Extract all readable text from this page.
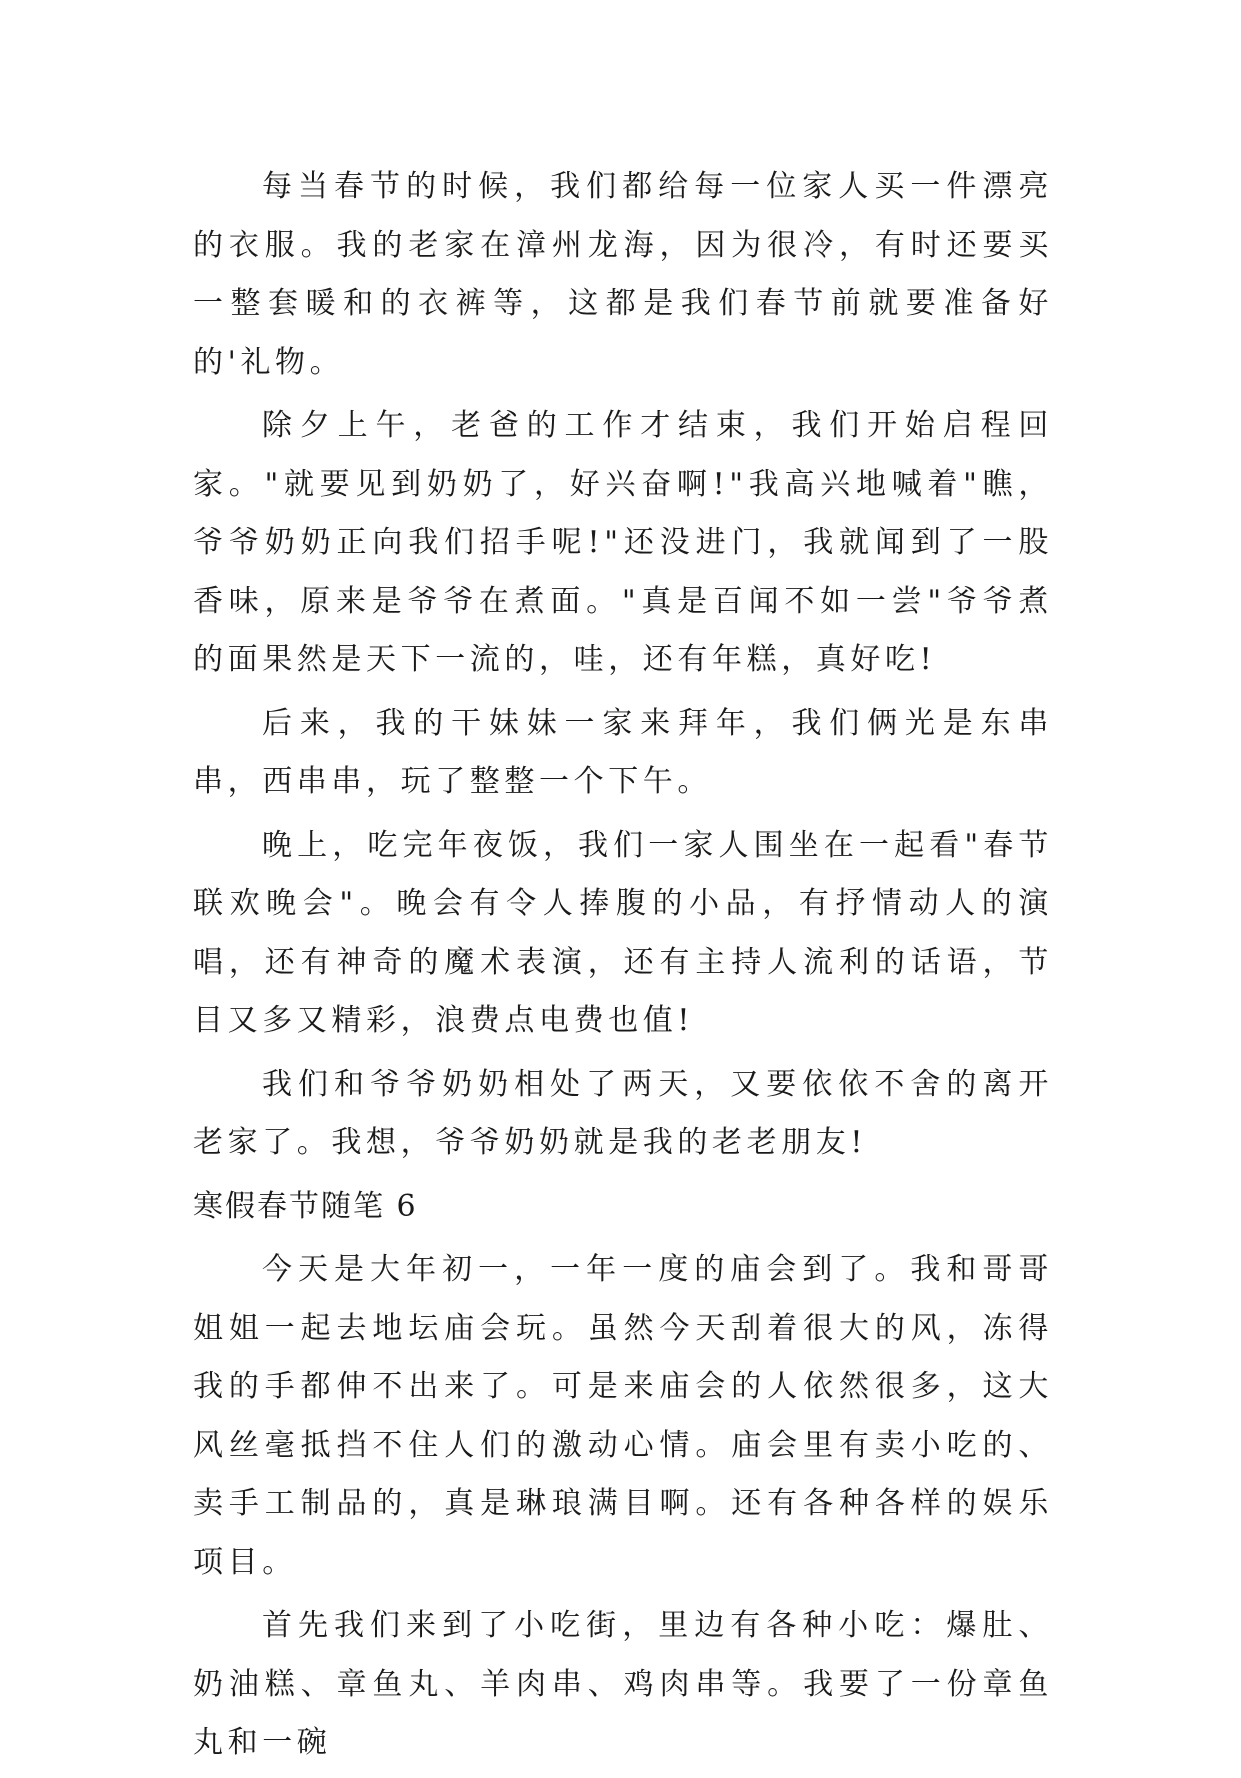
每当春节的时候，我们都给每一位家人买一件漂亮的衣服。我的老家在漳州龙海，因为很冷，有时还要买一整套暖和的衣裤等，这都是我们春节前就要准备好的'礼物。

除夕上午，老爸的工作才结束，我们开始启程回家。"就要见到奶奶了，好兴奋啊!"我高兴地喊着"瞧，爷爷奶奶正向我们招手呢!"还没进门，我就闻到了一股香味，原来是爷爷在煮面。"真是百闻不如一尝"爷爷煮的面果然是天下一流的，哇，还有年糕，真好吃!

后来，我的干妹妹一家来拜年，我们俩光是东串串，西串串，玩了整整一个下午。

晚上，吃完年夜饭，我们一家人围坐在一起看"春节联欢晚会"。晚会有令人捧腹的小品，有抒情动人的演唱，还有神奇的魔术表演，还有主持人流利的话语，节目又多又精彩，浪费点电费也值!

我们和爷爷奶奶相处了两天，又要依依不舍的离开老家了。我想，爷爷奶奶就是我的老老朋友!

寒假春节随笔 6

今天是大年初一，一年一度的庙会到了。我和哥哥姐姐一起去地坛庙会玩。虽然今天刮着很大的风，冻得我的手都伸不出来了。可是来庙会的人依然很多，这大风丝毫抵挡不住人们的激动心情。庙会里有卖小吃的、卖手工制品的，真是琳琅满目啊。还有各种各样的娱乐项目。

首先我们来到了小吃街，里边有各种小吃：爆肚、奶油糕、章鱼丸、羊肉串、鸡肉串等。我要了一份章鱼丸和一碗
